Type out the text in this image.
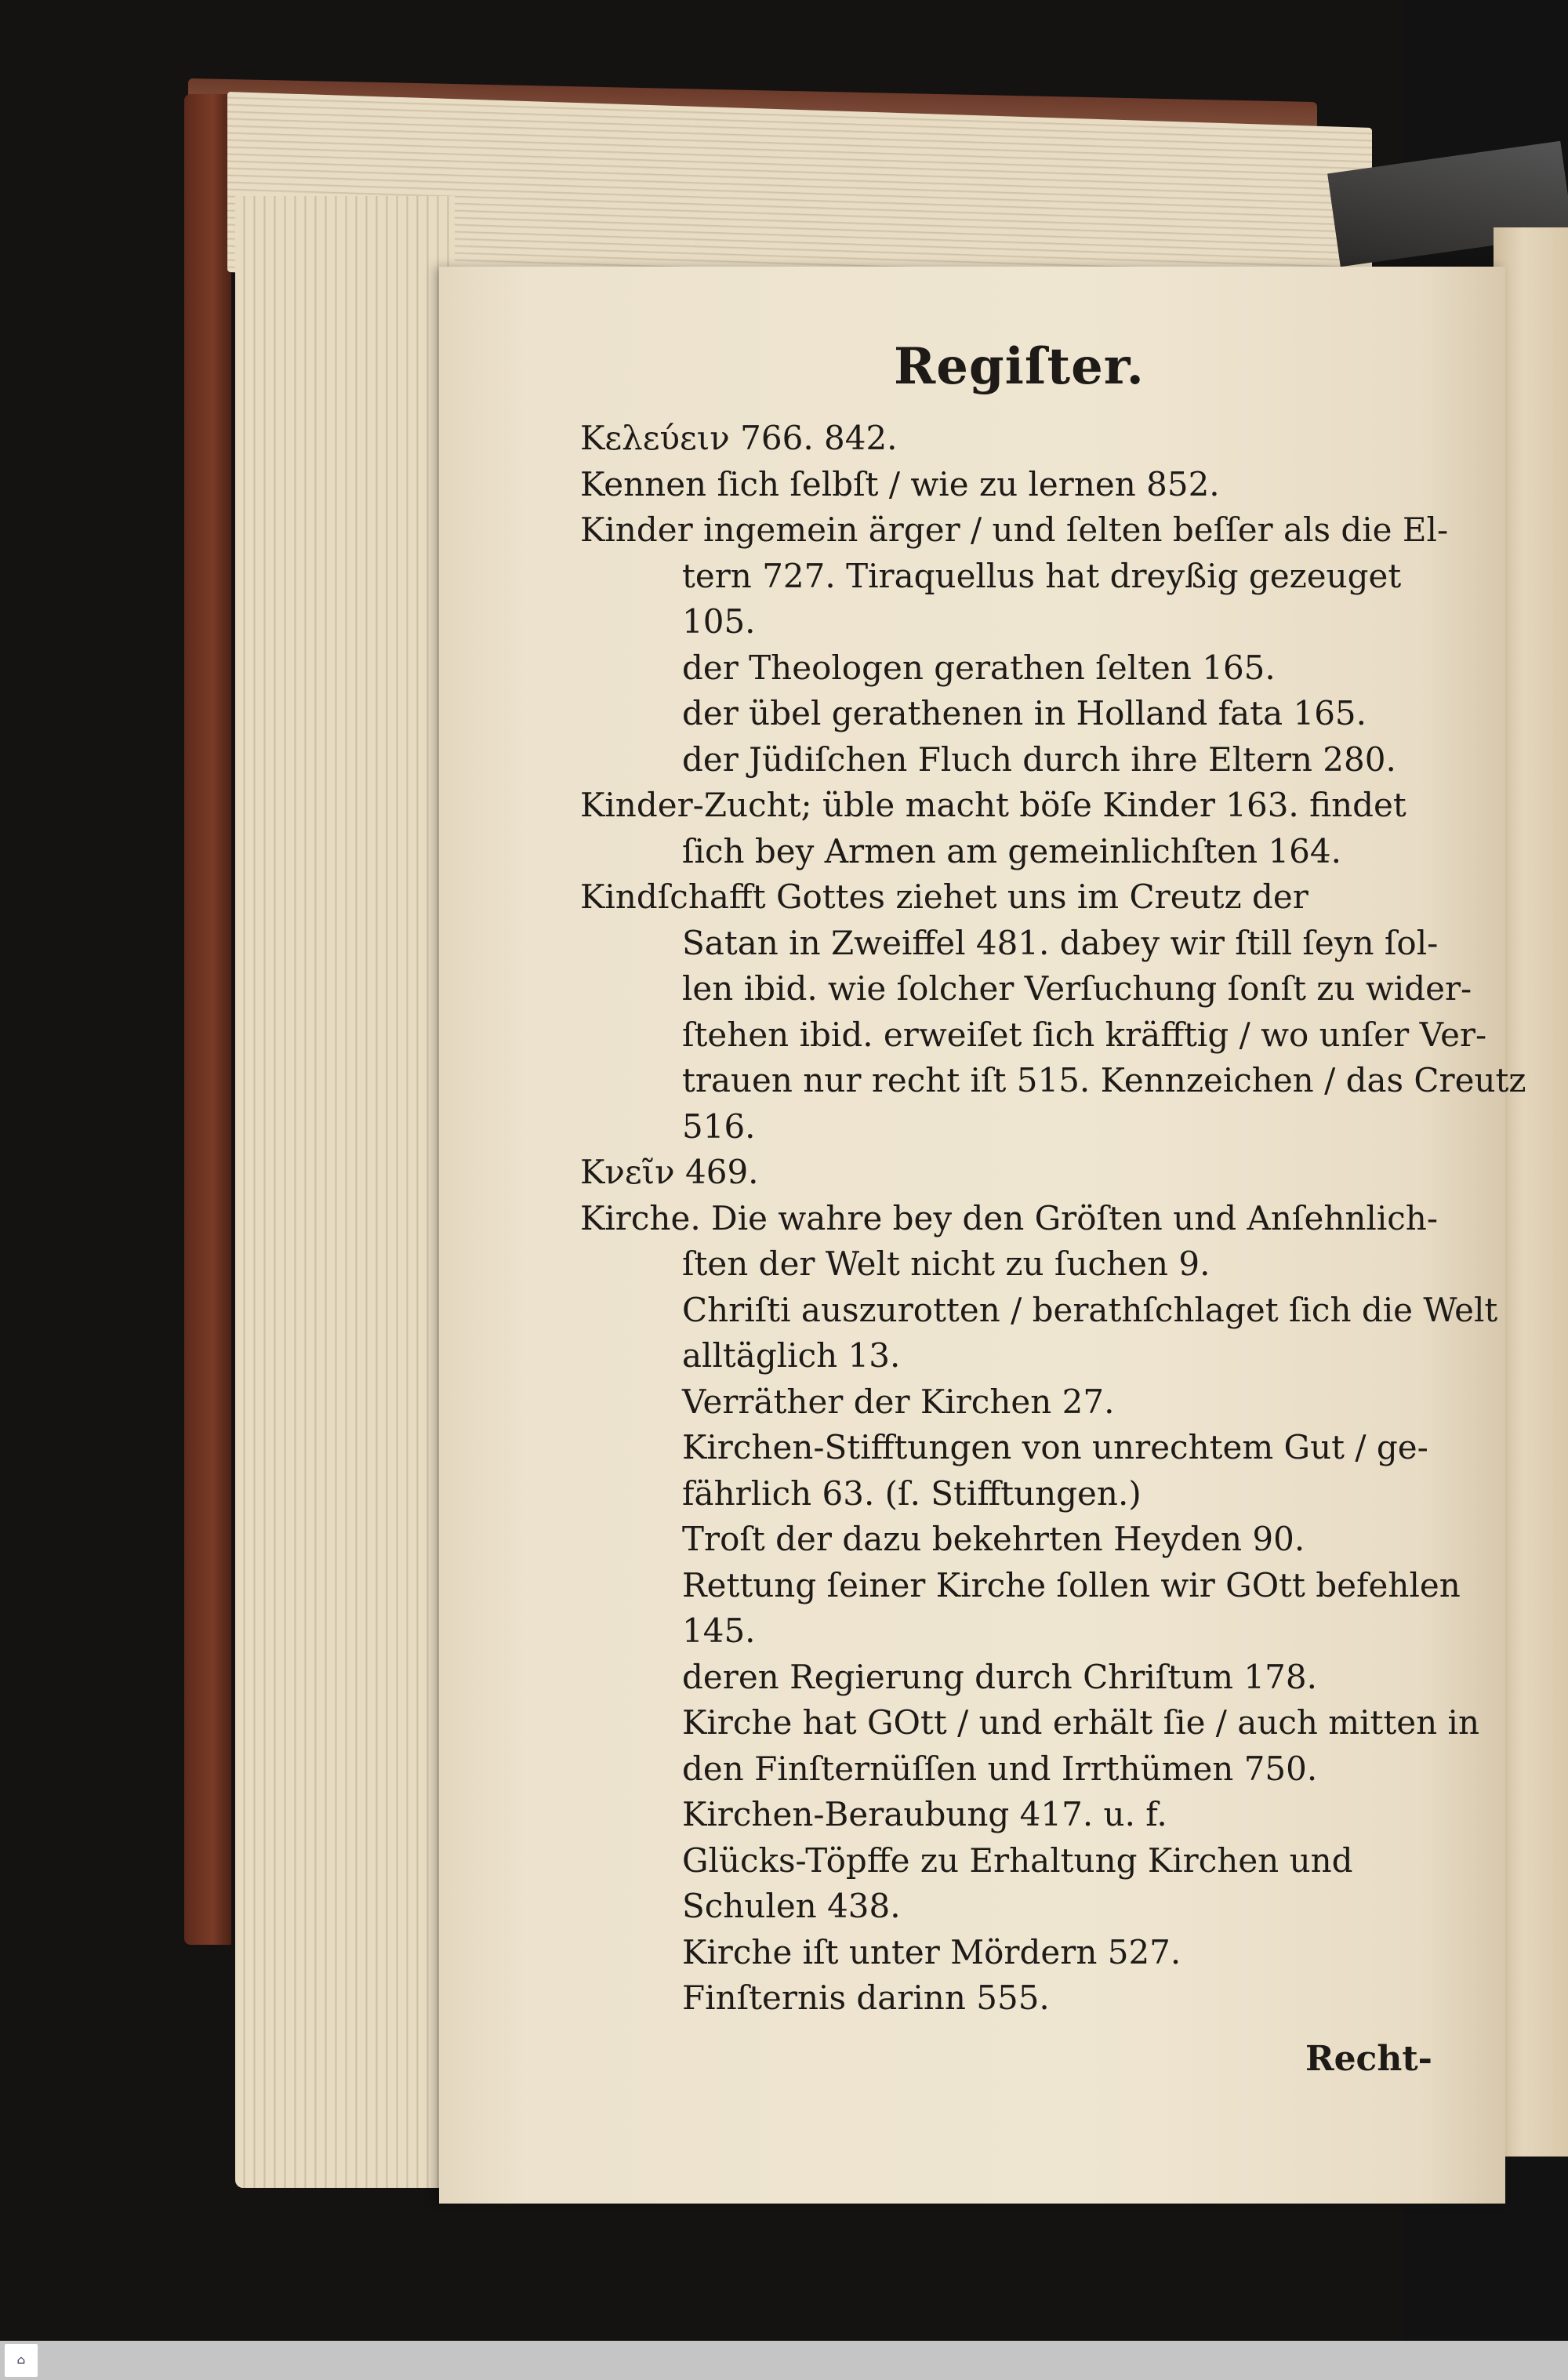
Regiſter.
Κελεύειν 766. 842.
Kennen ſich ſelbſt / wie zu lernen 852.
Kinder ingemein ärger / und ſelten beſſer als die El-
tern 727. Tiraquellus hat dreyßig gezeuget
105.
der Theologen gerathen ſelten 165.
der übel gerathenen in Holland fata 165.
der Jüdiſchen Fluch durch ihre Eltern 280.
Kinder-Zucht; üble macht böſe Kinder 163. findet
ſich bey Armen am gemeinlichſten 164.
Kindſchafft Gottes ziehet uns im Creutz der
Satan in Zweiffel 481. dabey wir ſtill ſeyn ſol-
len ibid. wie ſolcher Verſuchung ſonſt zu wider-
ſtehen ibid. erweiſet ſich kräfftig / wo unſer Ver-
trauen nur recht iſt 515. Kennzeichen / das Creutz
516.
Κνεῖν 469.
Kirche. Die wahre bey den Gröſten und Anſehnlich-
ſten der Welt nicht zu ſuchen 9.
Chriſti auszurotten / berathſchlaget ſich die Welt
alltäglich 13.
Verräther der Kirchen 27.
Kirchen-Stifftungen von unrechtem Gut / ge-
fährlich 63. (ſ. Stifftungen.)
Troſt der dazu bekehrten Heyden 90.
Rettung ſeiner Kirche ſollen wir GOtt befehlen
145.
deren Regierung durch Chriſtum 178.
Kirche hat GOtt / und erhält ſie / auch mitten in
den Finſternüſſen und Irrthümen 750.
Kirchen-Beraubung 417. u. f.
Glücks-Töpffe zu Erhaltung Kirchen und
Schulen 438.
Kirche iſt unter Mördern 527.
Finſternis darinn 555.
Recht-
⌂
